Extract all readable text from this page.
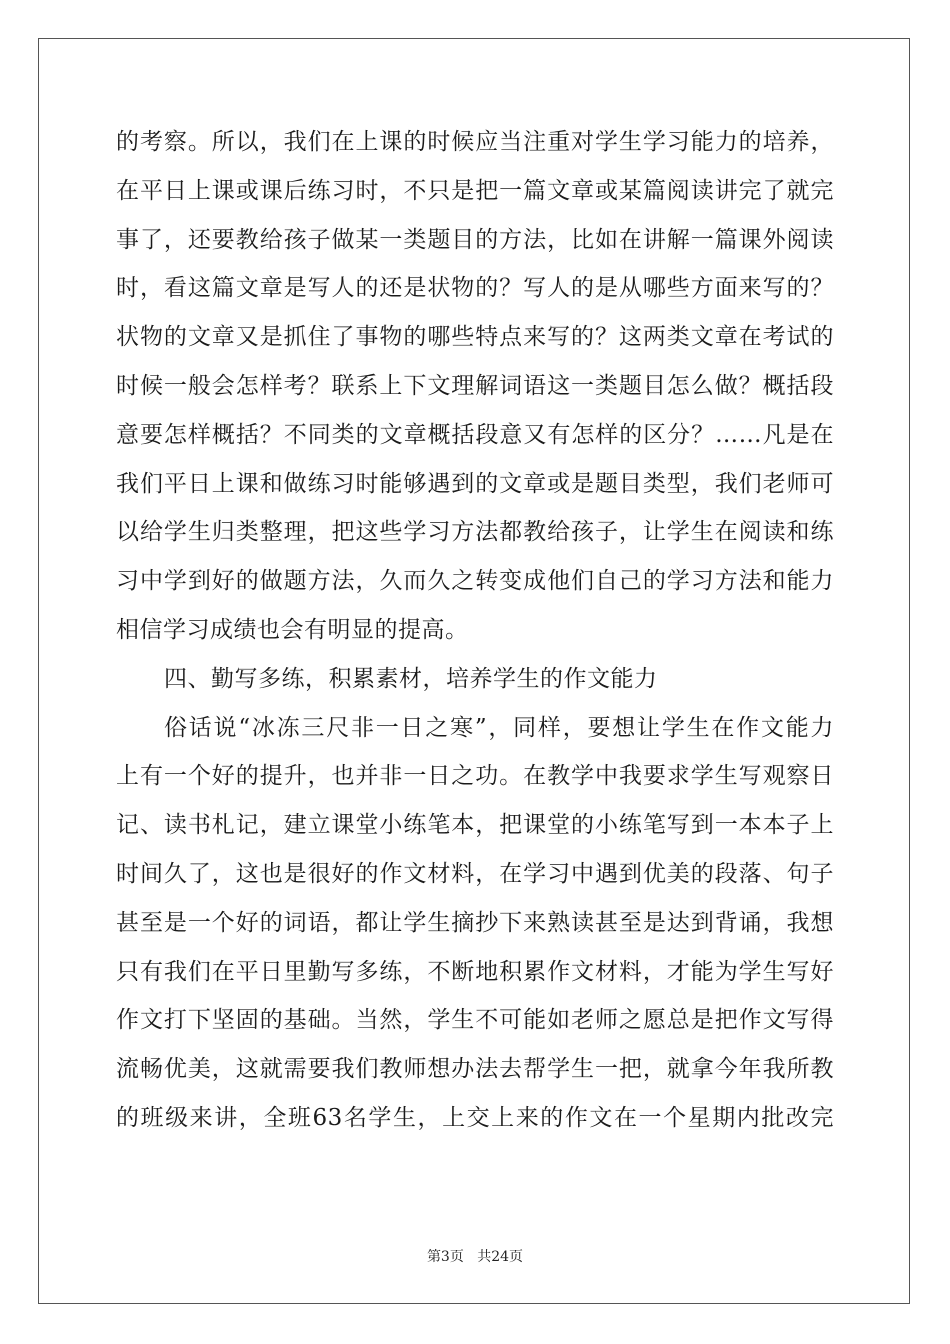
的考察。所以，我们在上课的时候应当注重对学生学习能力的培养，
在平日上课或课后练习时，不只是把一篇文章或某篇阅读讲完了就完
事了，还要教给孩子做某一类题目的方法，比如在讲解一篇课外阅读
时，看这篇文章是写人的还是状物的？写人的是从哪些方面来写的？
状物的文章又是抓住了事物的哪些特点来写的？这两类文章在考试的
时候一般会怎样考？联系上下文理解词语这一类题目怎么做？概括段
意要怎样概括？不同类的文章概括段意又有怎样的区分？……凡是在
我们平日上课和做练习时能够遇到的文章或是题目类型，我们老师可
以给学生归类整理，把这些学习方法都教给孩子，让学生在阅读和练
习中学到好的做题方法，久而久之转变成他们自己的学习方法和能力
相信学习成绩也会有明显的提高。
四、勤写多练，积累素材，培养学生的作文能力
俗话说“冰冻三尺非一日之寒”，同样，要想让学生在作文能力
上有一个好的提升，也并非一日之功。在教学中我要求学生写观察日
记、读书札记，建立课堂小练笔本，把课堂的小练笔写到一本本子上
时间久了，这也是很好的作文材料，在学习中遇到优美的段落、句子
甚至是一个好的词语，都让学生摘抄下来熟读甚至是达到背诵，我想
只有我们在平日里勤写多练，不断地积累作文材料，才能为学生写好
作文打下坚固的基础。当然，学生不可能如老师之愿总是把作文写得
流畅优美，这就需要我们教师想办法去帮学生一把，就拿今年我所教
的班级来讲，全班63名学生，上交上来的作文在一个星期内批改完
第3页 共24页
